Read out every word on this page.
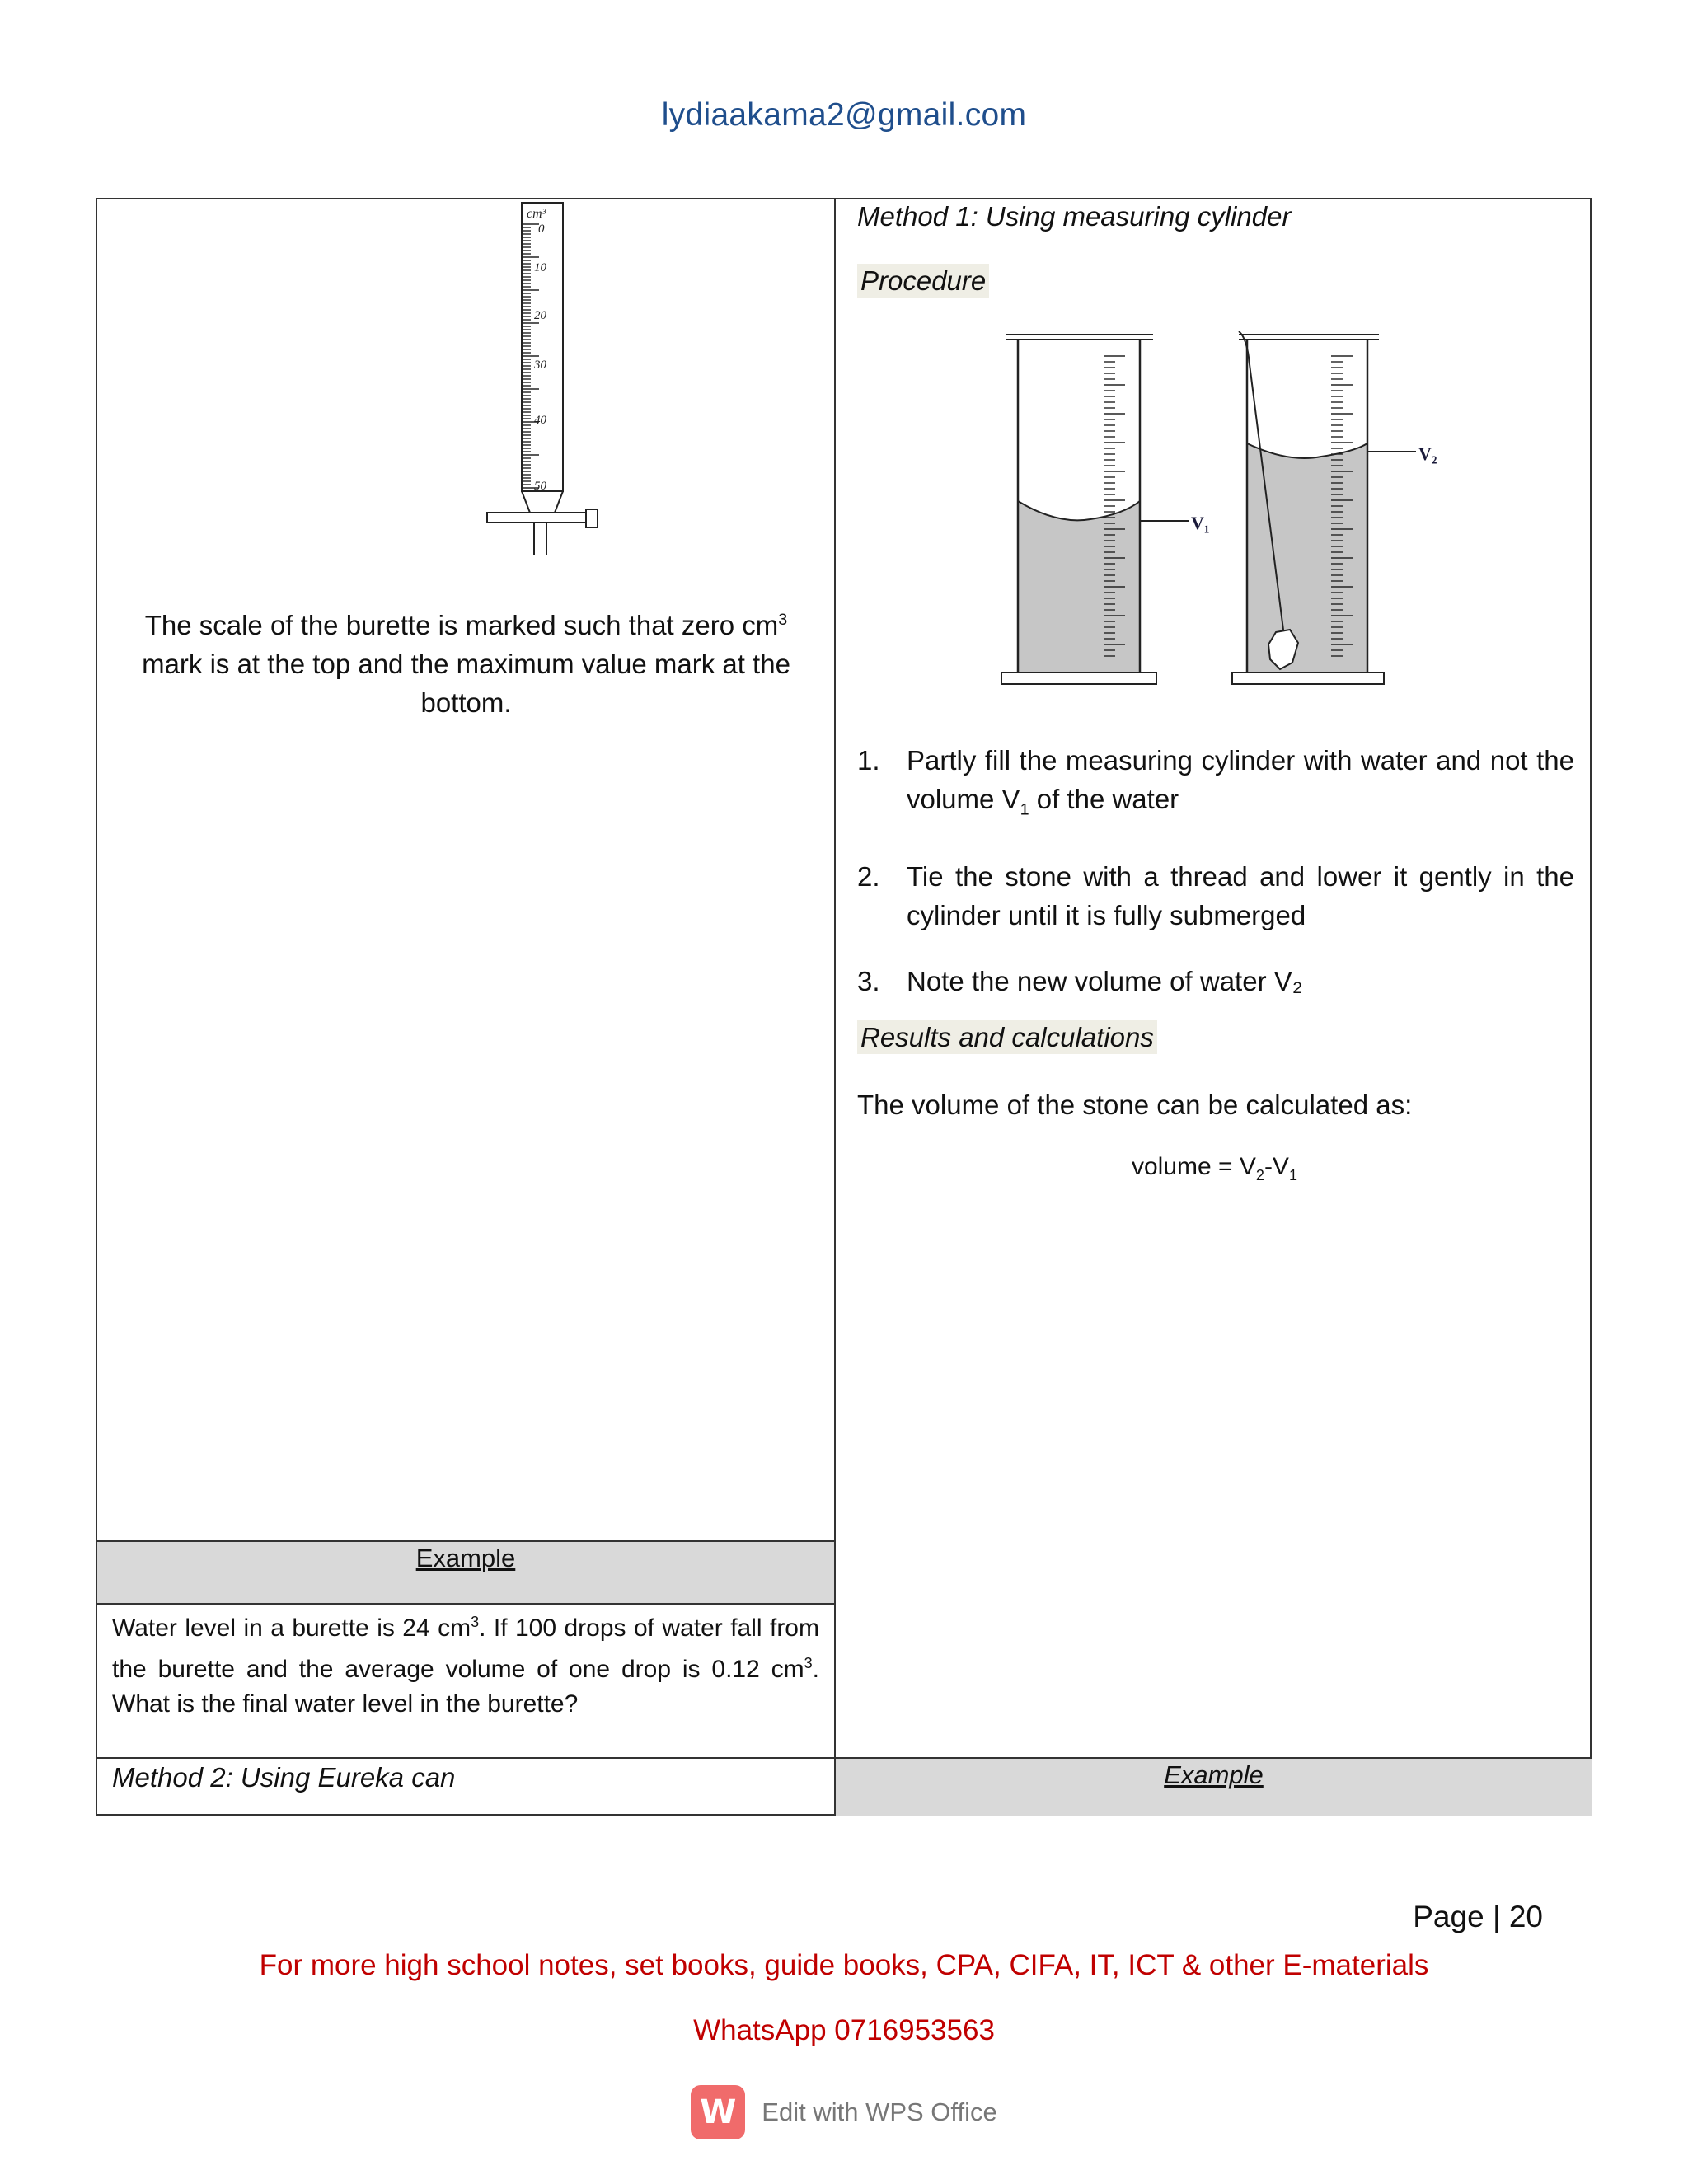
lydiaakama2@gmail.com
cm³
0
10
20
30
40
50
The scale of the burette is marked such that zero $cm^3$ mark is at the top and the maximum value mark at the bottom.
Example
Water level in a burette is 24 $cm^3$. If 100 drops of water fall from the burette and the average volume of one drop is 0.12 $cm^3$. What is the final water level in the burette?
Method 2: Using Eureka can
Method 1: Using measuring cylinder
Procedure
V₁
V₂
1. Partly fill the measuring cylinder with water and not the volume $V_1$ of the water
2. Tie the stone with a thread and lower it gently in the cylinder until it is fully submerged
3. Note the new volume of water V₂
Results and calculations
The volume of the stone can be calculated as:
volume = $V_2-V_1$
Example
Page | 20
For more high school notes, set books, guide books, CPA, CIFA, IT, ICT & other E-materials
WhatsApp 0716953563
W Edit with WPS Office
